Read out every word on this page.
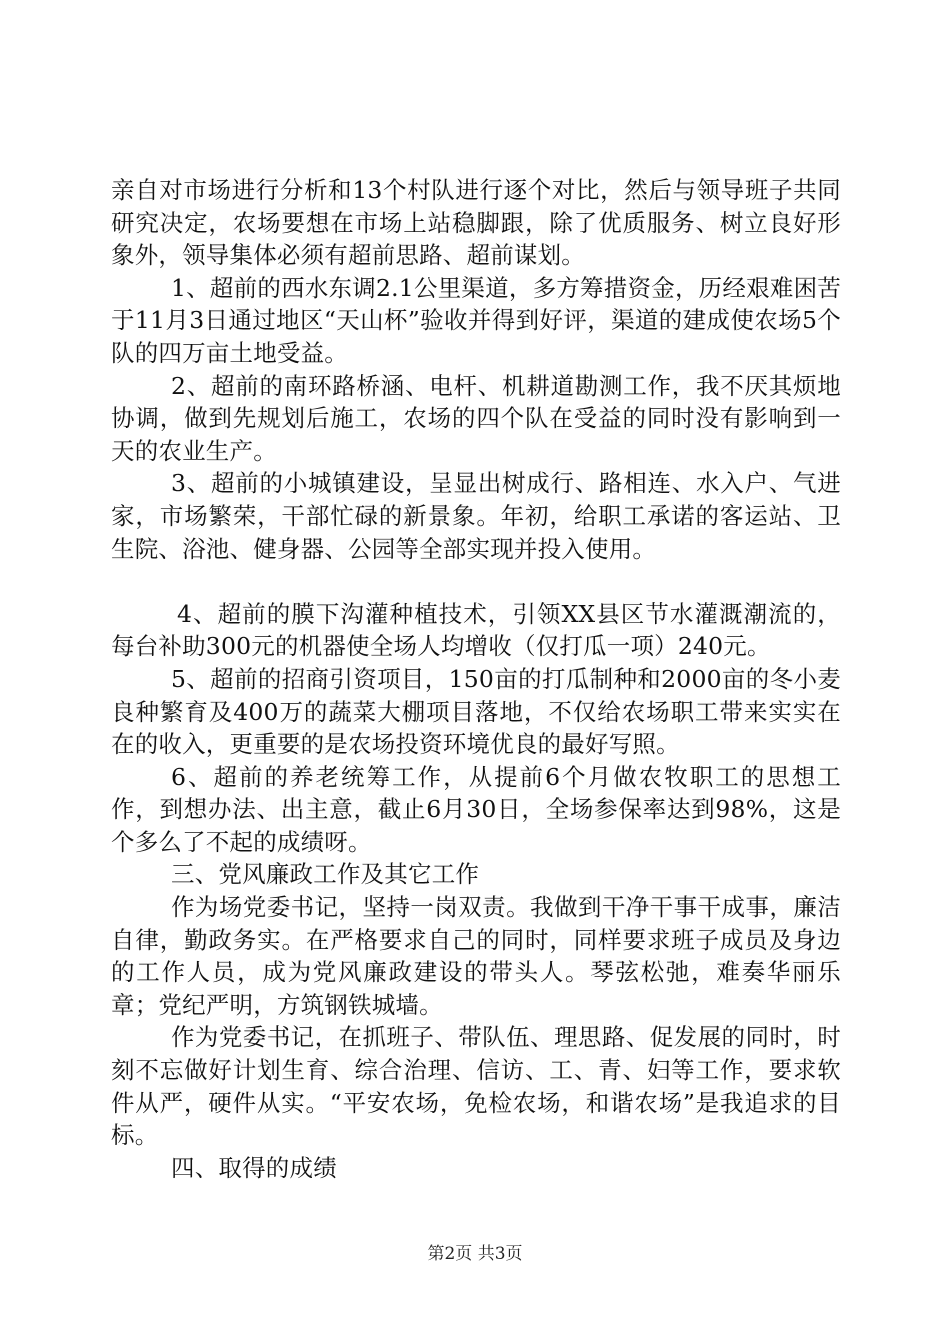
亲自对市场进行分析和13个村队进行逐个对比，然后与领导班子共同研究决定，农场要想在市场上站稳脚跟，除了优质服务、树立良好形象外，领导集体必须有超前思路、超前谋划。

1、超前的西水东调2.1公里渠道，多方筹措资金，历经艰难困苦于11月3日通过地区“天山杯”验收并得到好评，渠道的建成使农场5个队的四万亩土地受益。

2、超前的南环路桥涵、电杆、机耕道勘测工作，我不厌其烦地协调，做到先规划后施工，农场的四个队在受益的同时没有影响到一天的农业生产。

3、超前的小城镇建设，呈显出树成行、路相连、水入户、气进家，市场繁荣，干部忙碌的新景象。年初，给职工承诺的客运站、卫生院、浴池、健身器、公园等全部实现并投入使用。

4、超前的膜下沟灌种植技术，引领XX县区节水灌溉潮流的，每台补助300元的机器使全场人均增收（仅打瓜一项）240元。

5、超前的招商引资项目，150亩的打瓜制种和2000亩的冬小麦良种繁育及400万的蔬菜大棚项目落地，不仅给农场职工带来实实在在的收入，更重要的是农场投资环境优良的最好写照。

6、超前的养老统筹工作，从提前6个月做农牧职工的思想工作，到想办法、出主意，截止6月30日，全场参保率达到98%，这是个多么了不起的成绩呀。

三、党风廉政工作及其它工作

作为场党委书记，坚持一岗双责。我做到干净干事干成事，廉洁自律，勤政务实。在严格要求自己的同时，同样要求班子成员及身边的工作人员，成为党风廉政建设的带头人。琴弦松弛，难奏华丽乐章；党纪严明，方筑钢铁城墙。

作为党委书记，在抓班子、带队伍、理思路、促发展的同时，时刻不忘做好计划生育、综合治理、信访、工、青、妇等工作，要求软件从严，硬件从实。“平安农场，免检农场，和谐农场”是我追求的目标。

四、取得的成绩

第2页 共3页
